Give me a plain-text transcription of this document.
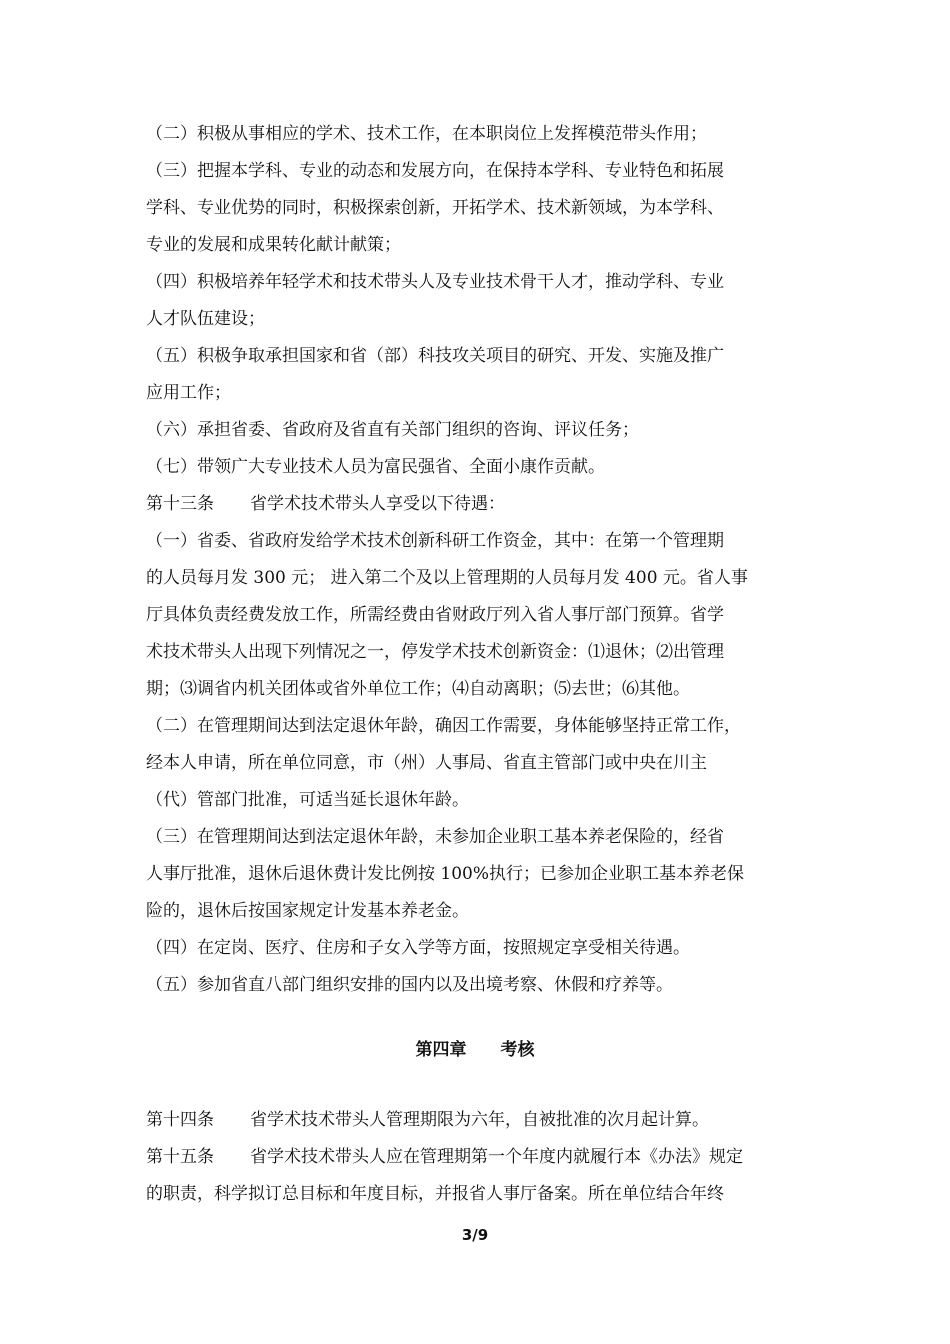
（二）积极从事相应的学术、技术工作，在本职岗位上发挥模范带头作用；
（三）把握本学科、专业的动态和发展方向，在保持本学科、专业特色和拓展
学科、专业优势的同时，积极探索创新，开拓学术、技术新领域，为本学科、
专业的发展和成果转化献计献策；
（四）积极培养年轻学术和技术带头人及专业技术骨干人才，推动学科、专业
人才队伍建设；
（五）积极争取承担国家和省（部）科技攻关项目的研究、开发、实施及推广
应用工作；
（六）承担省委、省政府及省直有关部门组织的咨询、评议任务；
（七）带领广大专业技术人员为富民强省、全面小康作贡献。
第十三条 省学术技术带头人享受以下待遇：
（一）省委、省政府发给学术技术创新科研工作资金，其中：在第一个管理期
的人员每月发 300 元； 进入第二个及以上管理期的人员每月发 400 元。省人事
厅具体负责经费发放工作，所需经费由省财政厅列入省人事厅部门预算。省学
术技术带头人出现下列情况之一，停发学术技术创新资金：⑴退休；⑵出管理
期；⑶调省内机关团体或省外单位工作；⑷自动离职；⑸去世；⑹其他。
（二）在管理期间达到法定退休年龄，确因工作需要，身体能够坚持正常工作，
经本人申请，所在单位同意，市（州）人事局、省直主管部门或中央在川主
（代）管部门批准，可适当延长退休年龄。
（三）在管理期间达到法定退休年龄，未参加企业职工基本养老保险的，经省
人事厅批准，退休后退休费计发比例按 100%执行；已参加企业职工基本养老保
险的，退休后按国家规定计发基本养老金。
（四）在定岗、医疗、住房和子女入学等方面，按照规定享受相关待遇。
（五）参加省直八部门组织安排的国内以及出境考察、休假和疗养等。
第四章 考核
第十四条 省学术技术带头人管理期限为六年，自被批准的次月起计算。
第十五条 省学术技术带头人应在管理期第一个年度内就履行本《办法》规定
的职责，科学拟订总目标和年度目标，并报省人事厅备案。所在单位结合年终
3/9
